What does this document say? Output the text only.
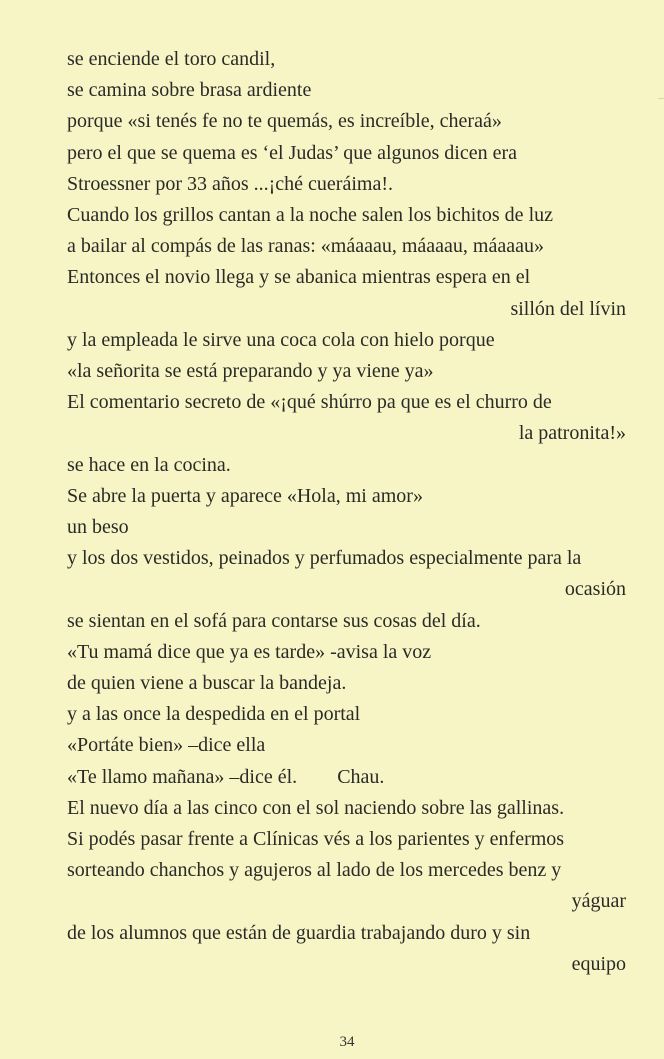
se enciende el toro candil,
se camina sobre brasa ardiente
porque «si tenés fe no te quemás, es increíble, cheraá»
pero el que se quema es ‘el Judas’ que algunos dicen era
Stroessner por 33 años ...¡ché cueráima!.
Cuando los grillos cantan a la noche salen los bichitos de luz
a bailar al compás de las ranas: «máaaau, máaaau, máaaau»
Entonces el novio llega y se abanica mientras espera en el
sillón del lívin
y la empleada le sirve una coca cola con hielo porque
«la señorita se está preparando y ya viene ya»
El comentario secreto de «¡qué shúrro pa que es el churro de
la patronita!»
se hace en la cocina.
Se abre la puerta y aparece «Hola, mi amor»
un beso
y los dos vestidos, peinados y perfumados especialmente para la
ocasión
se sientan en el sofá para contarse sus cosas del día.
«Tu mamá dice que ya es tarde» -avisa la voz
de quien viene a buscar la bandeja.
y a las once la despedida en el portal
«Portáte bien» –dice ella
«Te llamo mañana» –dice él. Chau.
El nuevo día a las cinco con el sol naciendo sobre las gallinas.
Si podés pasar frente a Clínicas vés a los parientes y enfermos
sorteando chanchos y agujeros al lado de los mercedes benz y
yáguar
de los alumnos que están de guardia trabajando duro y sin
equipo
34
